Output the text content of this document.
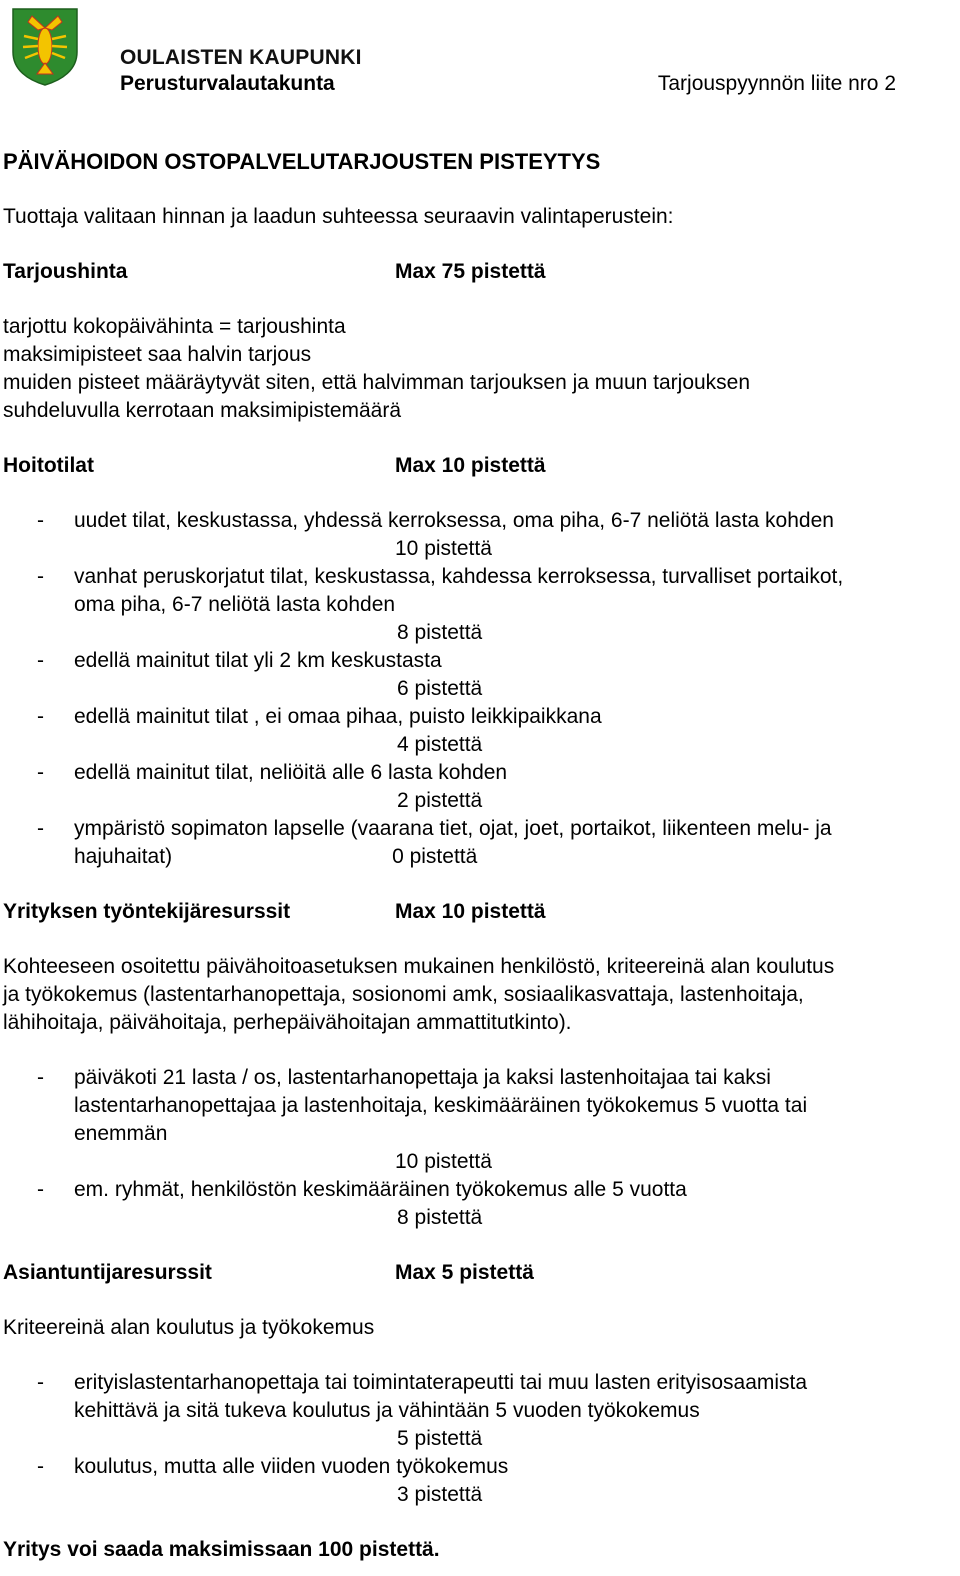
OULAISTEN KAUPUNKI
Perusturvalautakunta	Tarjouspyynnön liite nro 2
PÄIVÄHOIDON OSTOPALVELUTARJOUSTEN PISTEYTYS
Tuottaja valitaan hinnan ja laadun suhteessa seuraavin valintaperustein:
Tarjoushinta	Max 75 pistettä
tarjottu kokopäivähinta = tarjoushinta
maksimipisteet saa halvin tarjous
muiden pisteet määräytyvät siten, että halvimman tarjouksen ja muun tarjouksen
suhdeluvulla kerrotaan maksimipistemäärä
Hoitotilat	Max 10 pistettä
- uudet tilat, keskustassa, yhdessä kerroksessa, oma piha, 6-7 neliötä lasta kohden
10 pistettä
- vanhat peruskorjatut tilat, keskustassa, kahdessa kerroksessa, turvalliset portaikot,
oma piha, 6-7 neliötä lasta kohden
8 pistettä
- edellä mainitut tilat yli 2 km keskustasta
6 pistettä
- edellä mainitut tilat , ei omaa pihaa, puisto leikkipaikkana
4 pistettä
- edellä mainitut tilat, neliöitä alle 6 lasta kohden
2 pistettä
- ympäristö sopimaton lapselle (vaarana tiet, ojat, joet, portaikot, liikenteen melu- ja
hajuhaitat)	0 pistettä
Yrityksen työntekijäresurssit	Max 10 pistettä
Kohteeseen osoitettu päivähoitoasetuksen mukainen henkilöstö, kriteereinä alan koulutus
ja työkokemus (lastentarhanopettaja, sosionomi amk, sosiaalikasvattaja, lastenhoitaja,
lähihoitaja, päivähoitaja, perhepäivähoitajan ammattitutkinto).
- päiväkoti 21 lasta / os, lastentarhanopettaja ja kaksi lastenhoitajaa tai kaksi
lastentarhanopettajaa ja lastenhoitaja, keskimääräinen työkokemus 5 vuotta tai
enemmän
10 pistettä
- em. ryhmät, henkilöstön keskimääräinen työkokemus alle 5 vuotta
8 pistettä
Asiantuntijaresurssit	Max 5 pistettä
Kriteereinä alan koulutus ja työkokemus
- erityislastentarhanopettaja tai toimintaterapeutti tai muu lasten erityisosaamista
kehittävä ja sitä tukeva koulutus ja vähintään 5 vuoden työkokemus
5 pistettä
- koulutus, mutta alle viiden vuoden työkokemus
3 pistettä
Yritys voi saada maksimissaan 100 pistettä.
